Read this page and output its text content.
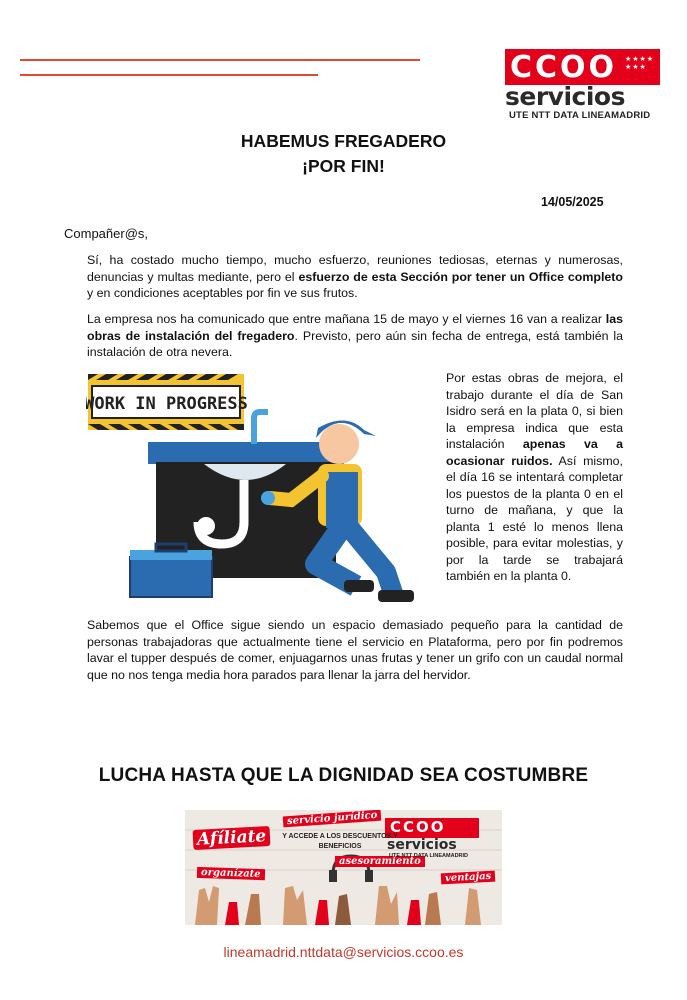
CCOO ★★★★
★★★
servicios
UTE NTT DATA LINEAMADRID
HABEMUS FREGADERO
¡POR FIN!
14/05/2025
Compañer@s,
Sí, ha costado mucho tiempo, mucho esfuerzo, reuniones tediosas, eternas y numerosas, denuncias y multas mediante, pero el esfuerzo de esta Sección por tener un Office completo y en condiciones aceptables por fin ve sus frutos.
La empresa nos ha comunicado que entre mañana 15 de mayo y el viernes 16 van a realizar las obras de instalación del fregadero. Previsto, pero aún sin fecha de entrega, está también la instalación de otra nevera.
WORK IN PROGRESS
Por estas obras de mejora, el trabajo durante el día de San Isidro será en la plata 0, si bien la empresa indica que esta instalación apenas va a ocasionar ruidos. Así mismo, el día 16 se intentará completar los puestos de la planta 0 en el turno de mañana, y que la planta 1 esté lo menos llena posible, para evitar molestias, y por la tarde se trabajará también en la planta 0.
Sabemos que el Office sigue siendo un espacio demasiado pequeño para la cantidad de personas trabajadoras que actualmente tiene el servicio en Plataforma, pero por fin podremos lavar el tupper después de comer, enjuagarnos unas frutas y tener un grifo con un caudal normal que no nos tenga media hora parados para llenar la jarra del hervidor.
LUCHA HASTA QUE LA DIGNIDAD SEA COSTUMBRE
servicio jurídico
Afíliate	Y ACCEDE A LOS DESCUENTOS Y BENEFICIOS
organízate
asesoramiento
ventajas
CCOO
servicios
UTE NTT DATA LINEAMADRID
lineamadrid.nttdata@servicios.ccoo.es
